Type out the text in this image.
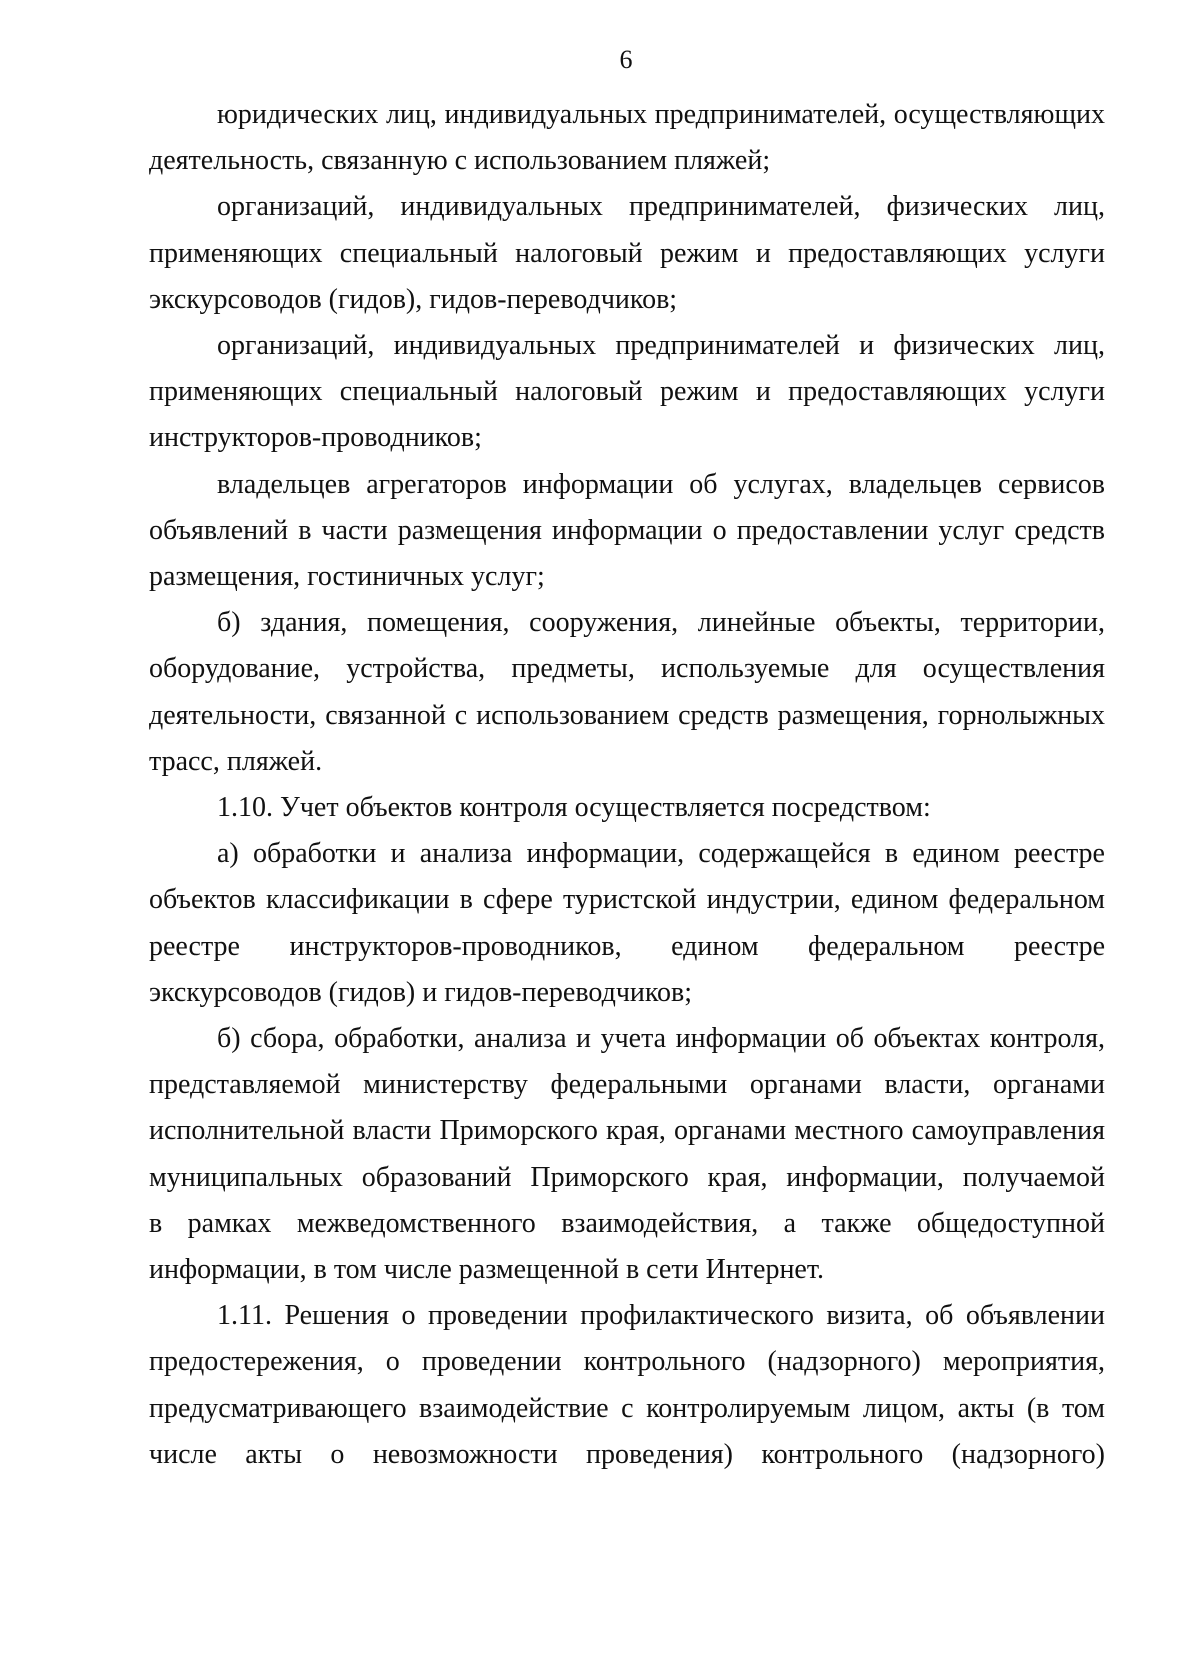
6
юридических лиц, индивидуальных предпринимателей, осуществляющих
деятельность, связанную с использованием пляжей;
организаций, индивидуальных предпринимателей, физических лиц,
применяющих специальный налоговый режим и предоставляющих услуги
экскурсоводов (гидов), гидов-переводчиков;
организаций, индивидуальных предпринимателей и физических лиц,
применяющих специальный налоговый режим и предоставляющих услуги
инструкторов-проводников;
владельцев агрегаторов информации об услугах, владельцев сервисов
объявлений в части размещения информации о предоставлении услуг средств
размещения, гостиничных услуг;
б) здания, помещения, сооружения, линейные объекты, территории,
оборудование, устройства, предметы, используемые для осуществления
деятельности, связанной с использованием средств размещения, горнолыжных
трасс, пляжей.
1.10. Учет объектов контроля осуществляется посредством:
а) обработки и анализа информации, содержащейся в едином реестре
объектов классификации в сфере туристской индустрии, едином федеральном
реестре инструкторов-проводников, едином федеральном реестре
экскурсоводов (гидов) и гидов-переводчиков;
б) сбора, обработки, анализа и учета информации об объектах контроля,
представляемой министерству федеральными органами власти, органами
исполнительной власти Приморского края, органами местного самоуправления
муниципальных образований Приморского края, информации, получаемой
в рамках межведомственного взаимодействия, а также общедоступной
информации, в том числе размещенной в сети Интернет.
1.11. Решения о проведении профилактического визита, об объявлении
предостережения, о проведении контрольного (надзорного) мероприятия,
предусматривающего взаимодействие с контролируемым лицом, акты (в том
числе акты о невозможности проведения) контрольного (надзорного)
